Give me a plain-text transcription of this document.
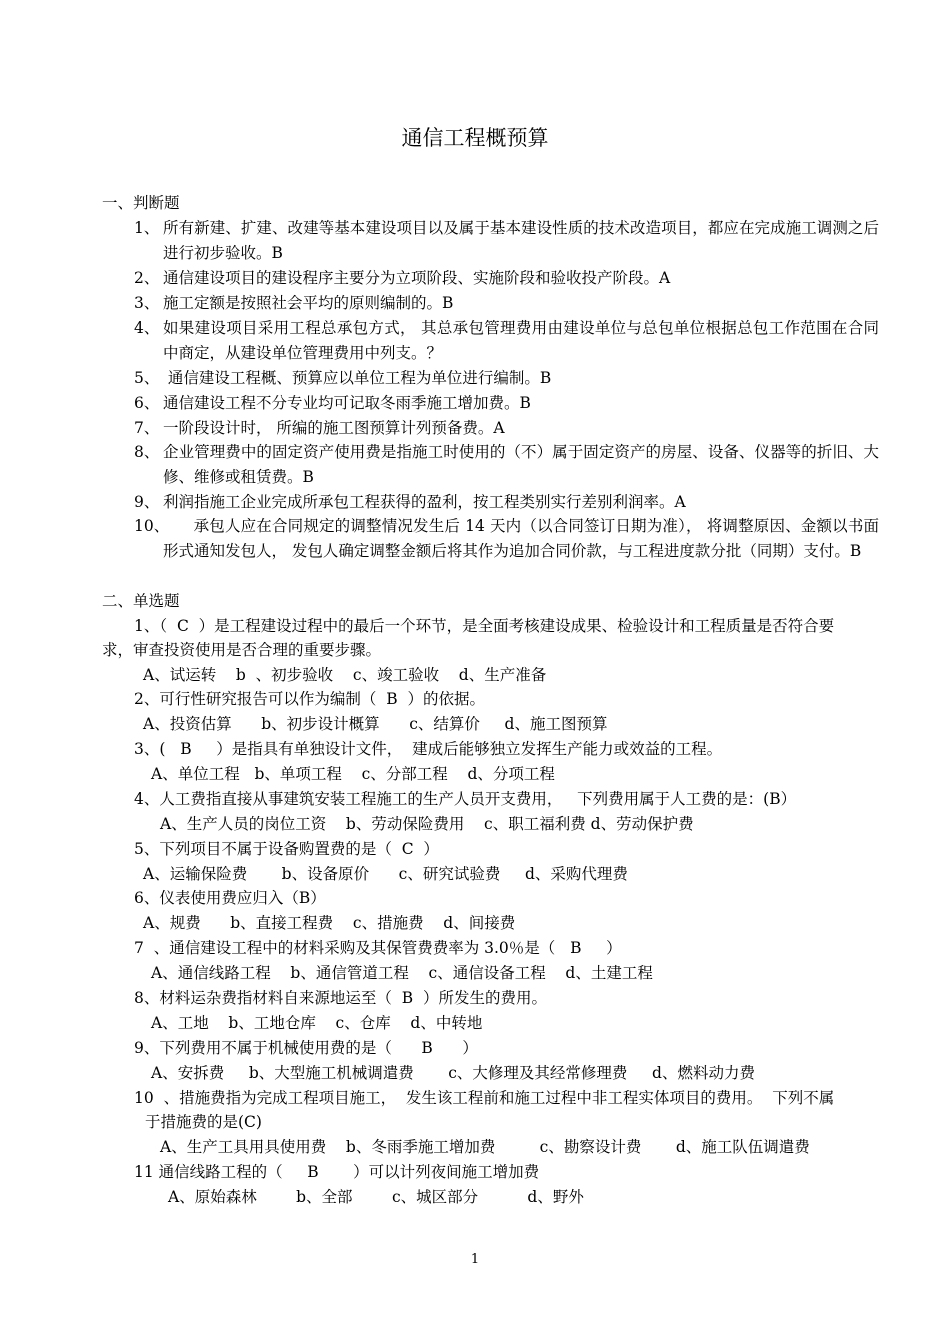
通信工程概预算
一、判断题
1、 所有新建、扩建、改建等基本建设项目以及属于基本建设性质的技术改造项目，都应在完成施工调测之后进行初步验收。B
2、 通信建设项目的建设程序主要分为立项阶段、实施阶段和验收投产阶段。A
3、 施工定额是按照社会平均的原则编制的。B
4、 如果建设项目采用工程总承包方式， 其总承包管理费用由建设单位与总包单位根据总包工作范围在合同中商定，从建设单位管理费用中列支。？
5、 通信建设工程概、预算应以单位工程为单位进行编制。B
6、 通信建设工程不分专业均可记取冬雨季施工增加费。B
7、 一阶段设计时， 所编的施工图预算计列预备费。A
8、 企业管理费中的固定资产使用费是指施工时使用的（不）属于固定资产的房屋、设备、仪器等的折旧、大修、维修或租赁费。B
9、 利润指施工企业完成所承包工程获得的盈利，按工程类别实行差别利润率。A
10、
承包人应在合同规定的调整情况发生后 14 天内（以合同签订日期为准）， 将调整原因、金额以书面形式通知发包人， 发包人确定调整金额后将其作为追加合同价款，与工程进度款分批（同期）支付。B
二、单选题
1、（  C  ）是工程建设过程中的最后一个环节，是全面考核建设成果、检验设计和工程质量是否符合要
求，审查投资使用是否合理的重要步骤。
A、试运转    b  、初步验收    c、竣工验收    d、生产准备
2、可行性研究报告可以作为编制（  B  ）的依据。
A、投资估算      b、初步设计概算      c、结算价     d、施工图预算
3、(   B     ）是指具有单独设计文件，  建成后能够独立发挥生产能力或效益的工程。
A、单位工程   b、单项工程    c、分部工程    d、分项工程
4、人工费指直接从事建筑安装工程施工的生产人员开支费用，   下列费用属于人工费的是：(B）
A、生产人员的岗位工资    b、劳动保险费用    c、职工福利费 d、劳动保护费
5、下列项目不属于设备购置费的是（  C  ）
A、运输保险费       b、设备原价      c、研究试验费     d、采购代理费
6、仪表使用费应归入（B）
A、规费      b、直接工程费    c、措施费    d、间接费
7  、通信建设工程中的材料采购及其保管费费率为 3.0％是（   B     ）
A、通信线路工程    b、通信管道工程    c、通信设备工程    d、土建工程
8、材料运杂费指材料自来源地运至（  B  ）所发生的费用。
A、工地    b、工地仓库    c、仓库    d、中转地
9、下列费用不属于机械使用费的是（      B      ）
A、安拆费     b、大型施工机械调遣费       c、大修理及其经常修理费     d、燃料动力费
10  、措施费指为完成工程项目施工，  发生该工程前和施工过程中非工程实体项目的费用。  下列不属
于措施费的是(C)
A、生产工具用具使用费    b、冬雨季施工增加费         c、勘察设计费       d、施工队伍调遣费
11 通信线路工程的（     B       ）可以计列夜间施工增加费
A、原始森林        b、全部        c、城区部分          d、野外
1
